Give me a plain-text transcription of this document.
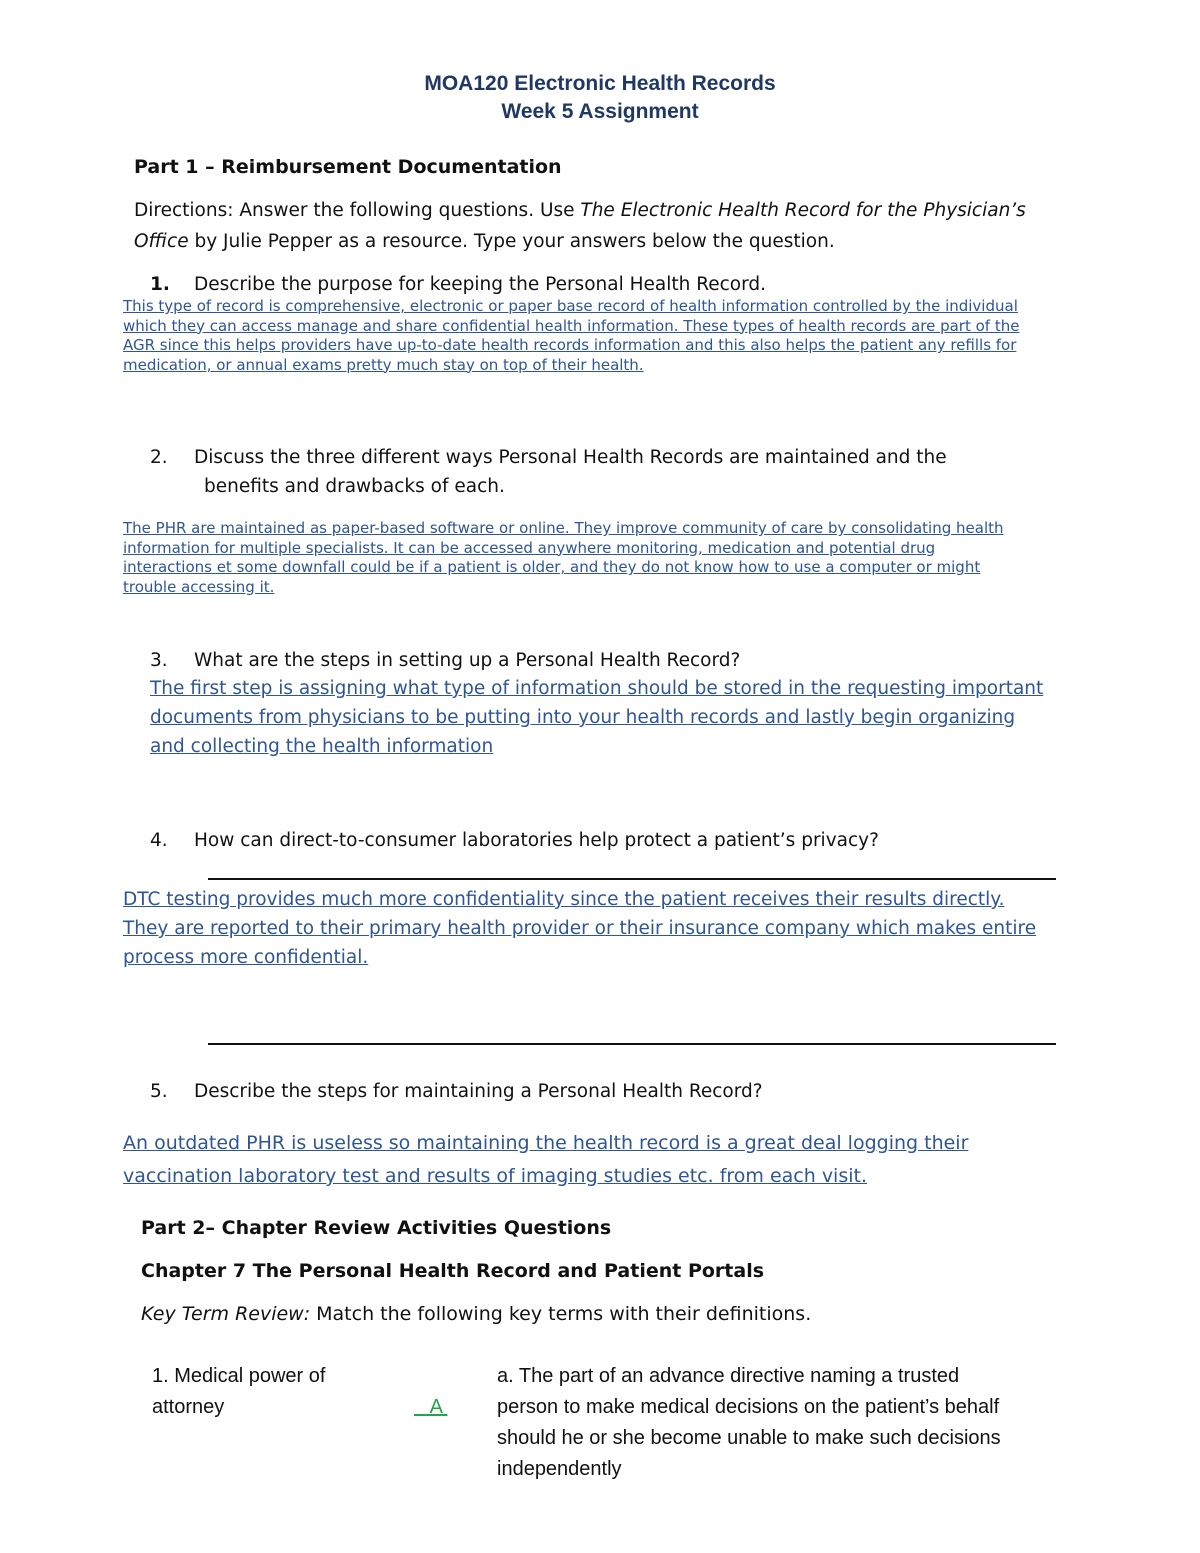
MOA120 Electronic Health Records
Week 5 Assignment
Part 1 – Reimbursement Documentation
Directions: Answer the following questions. Use The Electronic Health Record for the Physician’s
Office by Julie Pepper as a resource. Type your answers below the question.
1. Describe the purpose for keeping the Personal Health Record.
This type of record is comprehensive, electronic or paper base record of health information controlled by the individual
which they can access manage and share confidential health information. These types of health records are part of the
AGR since this helps providers have up-to-date health records information and this also helps the patient any refills for
medication, or annual exams pretty much stay on top of their health.
2. Discuss the three different ways Personal Health Records are maintained and the
benefits and drawbacks of each.
The PHR are maintained as paper-based software or online. They improve community of care by consolidating health
information for multiple specialists. It can be accessed anywhere monitoring, medication and potential drug
interactions et some downfall could be if a patient is older, and they do not know how to use a computer or might
trouble accessing it.
3. What are the steps in setting up a Personal Health Record?
The first step is assigning what type of information should be stored in the requesting important
documents from physicians to be putting into your health records and lastly begin organizing
and collecting the health information
4. How can direct-to-consumer laboratories help protect a patient’s privacy?
DTC testing provides much more confidentiality since the patient receives their results directly.
They are reported to their primary health provider or their insurance company which makes entire
process more confidential.
5. Describe the steps for maintaining a Personal Health Record?
An outdated PHR is useless so maintaining the health record is a great deal logging their
vaccination laboratory test and results of imaging studies etc. from each visit.
Part 2– Chapter Review Activities Questions
Chapter 7 The Personal Health Record and Patient Portals
Key Term Review: Match the following key terms with their definitions.
1. Medical power of
attorney	A

a. The part of an advance directive naming a trusted
person to make medical decisions on the patient’s behalf
should he or she become unable to make such decisions
independently
